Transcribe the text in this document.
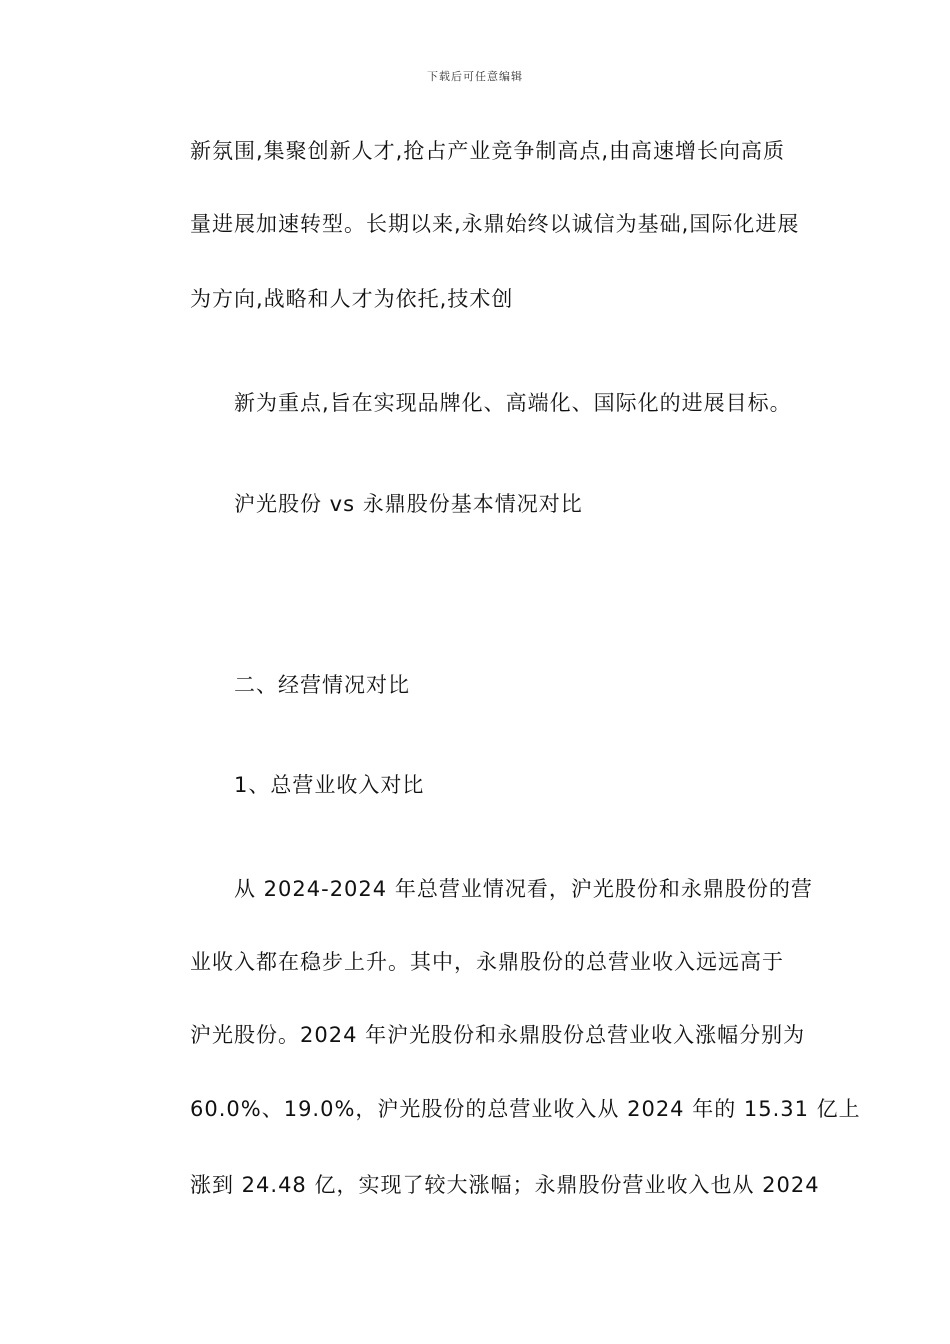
下载后可任意编辑
新氛围,集聚创新人才,抢占产业竞争制高点,由高速增长向高质
量进展加速转型。长期以来,永鼎始终以诚信为基础,国际化进展
为方向,战略和人才为依托,技术创
新为重点,旨在实现品牌化、高端化、国际化的进展目标。
沪光股份 vs 永鼎股份基本情况对比
二、经营情况对比
1、总营业收入对比
从 2024-2024 年总营业情况看，沪光股份和永鼎股份的营
业收入都在稳步上升。其中，永鼎股份的总营业收入远远高于
沪光股份。2024 年沪光股份和永鼎股份总营业收入涨幅分别为
60.0%、19.0%，沪光股份的总营业收入从 2024 年的 15.31 亿上
涨到 24.48 亿，实现了较大涨幅；永鼎股份营业收入也从 2024
